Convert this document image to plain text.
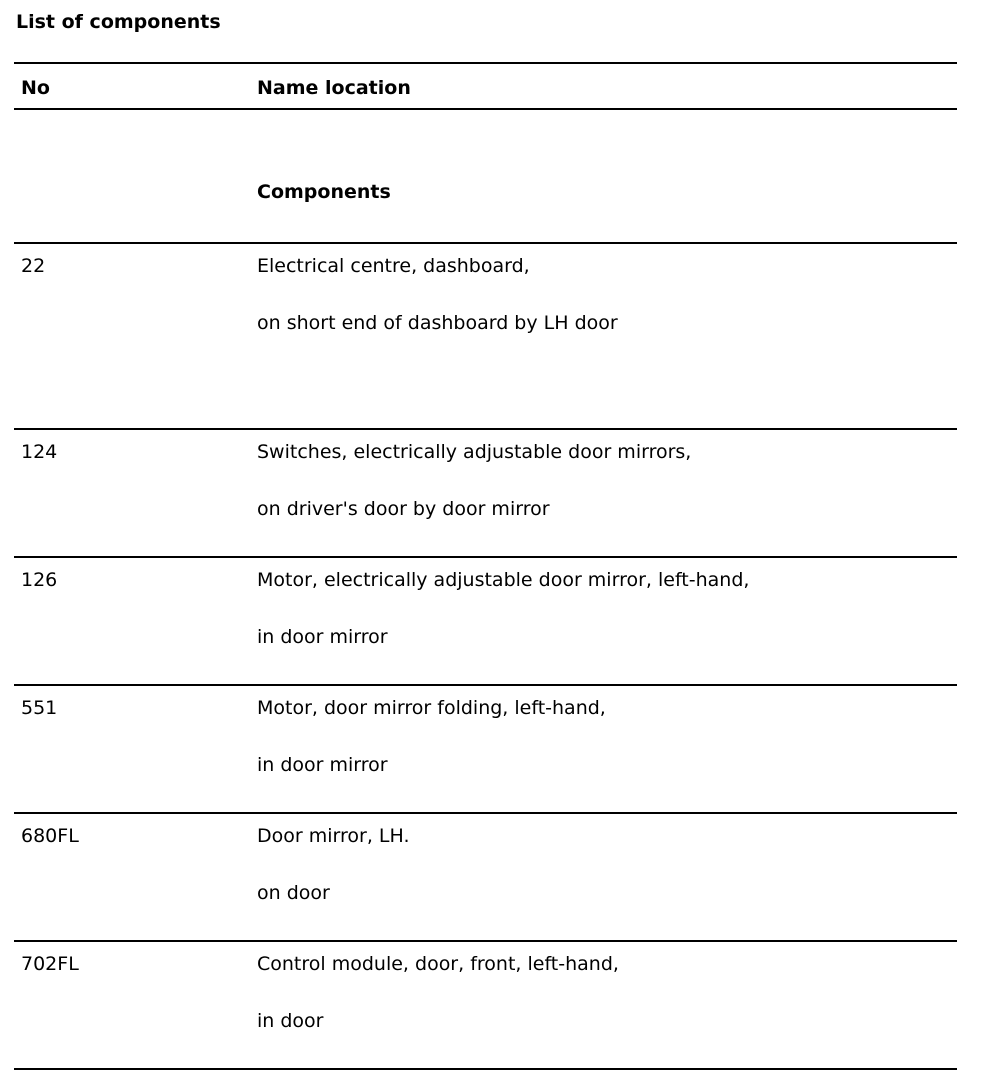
List of components
No	Name location
Components
22	Electrical centre, dashboard,
on short end of dashboard by LH door
124	Switches, electrically adjustable door mirrors,
on driver's door by door mirror
126	Motor, electrically adjustable door mirror, left-hand,
in door mirror
551	Motor, door mirror folding, left-hand,
in door mirror
680FL	Door mirror, LH.
on door
702FL	Control module, door, front, left-hand,
in door
